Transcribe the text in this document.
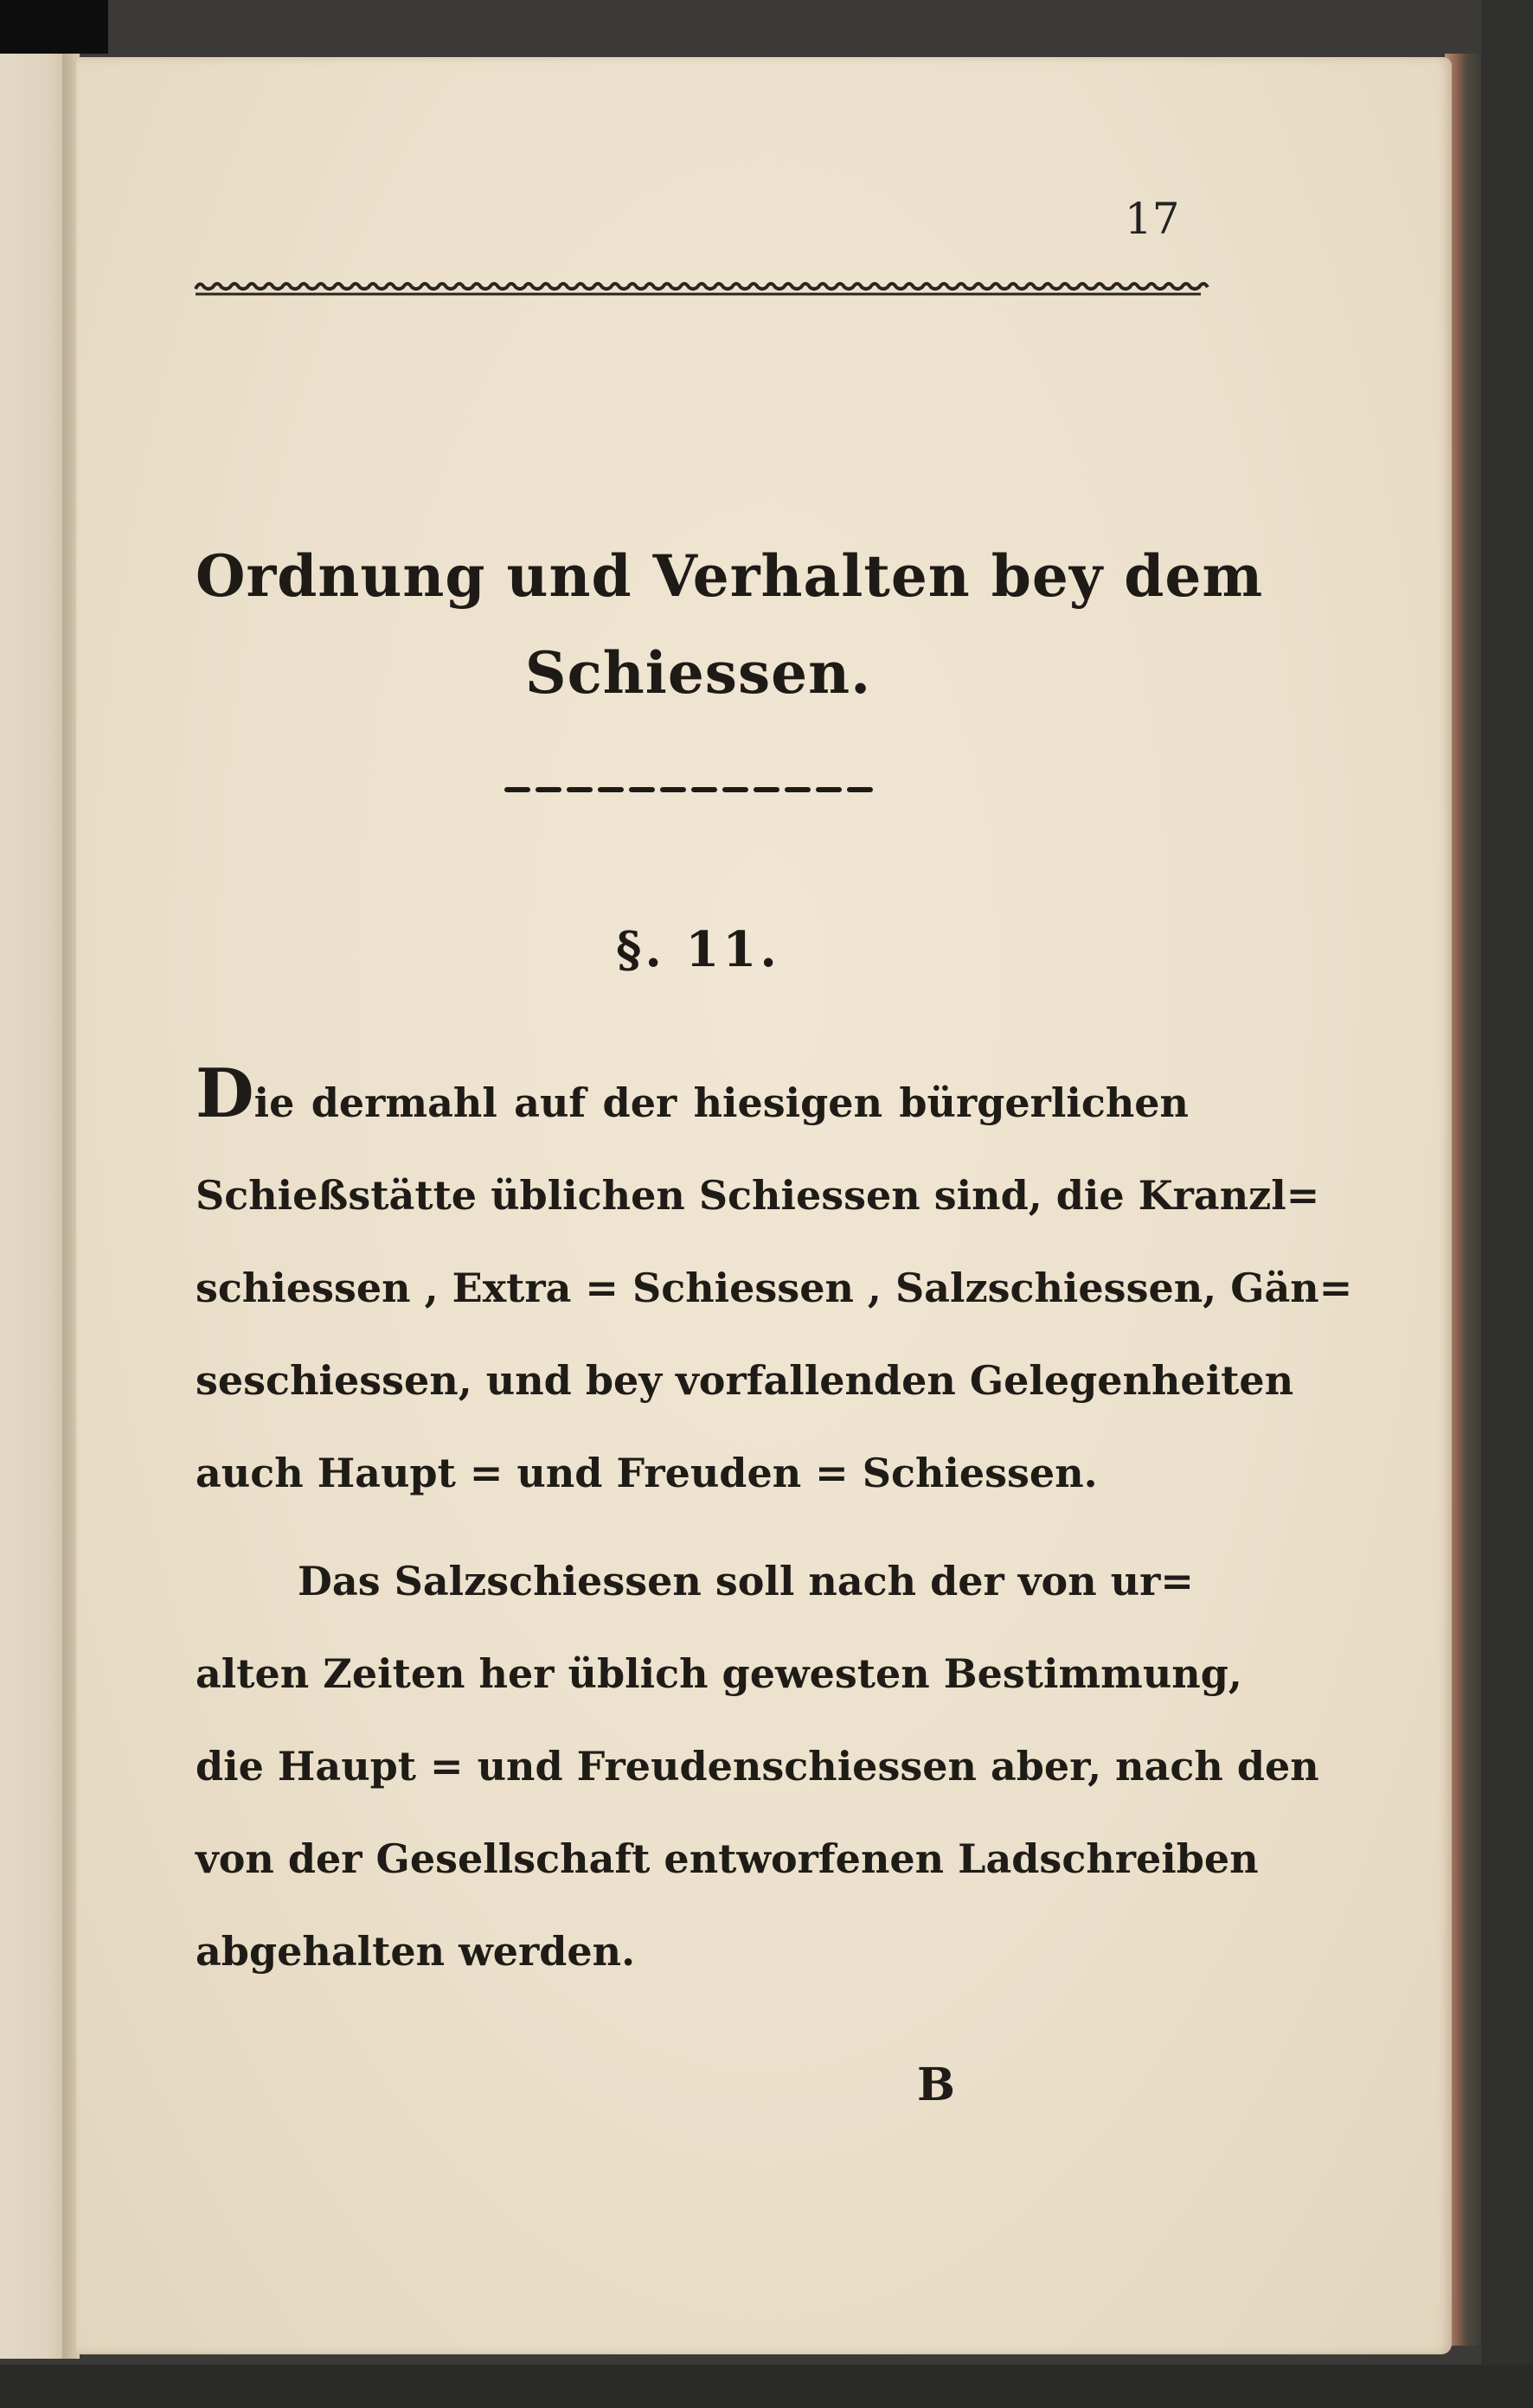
17
Ordnung und Verhalten bey dem
Schiessen.
§. 11.
Die dermahl auf der hiesigen bürgerlichen
Schießstätte üblichen Schiessen sind, die Kranzl=
schiessen , Extra = Schiessen , Salzschiessen, Gän=
seschiessen, und bey vorfallenden Gelegenheiten
auch Haupt = und Freuden = Schiessen.
Das Salzschiessen soll nach der von ur=
alten Zeiten her üblich gewesten Bestimmung,
die Haupt = und Freudenschiessen aber, nach den
von der Gesellschaft entworfenen Ladschreiben
abgehalten werden.
B
